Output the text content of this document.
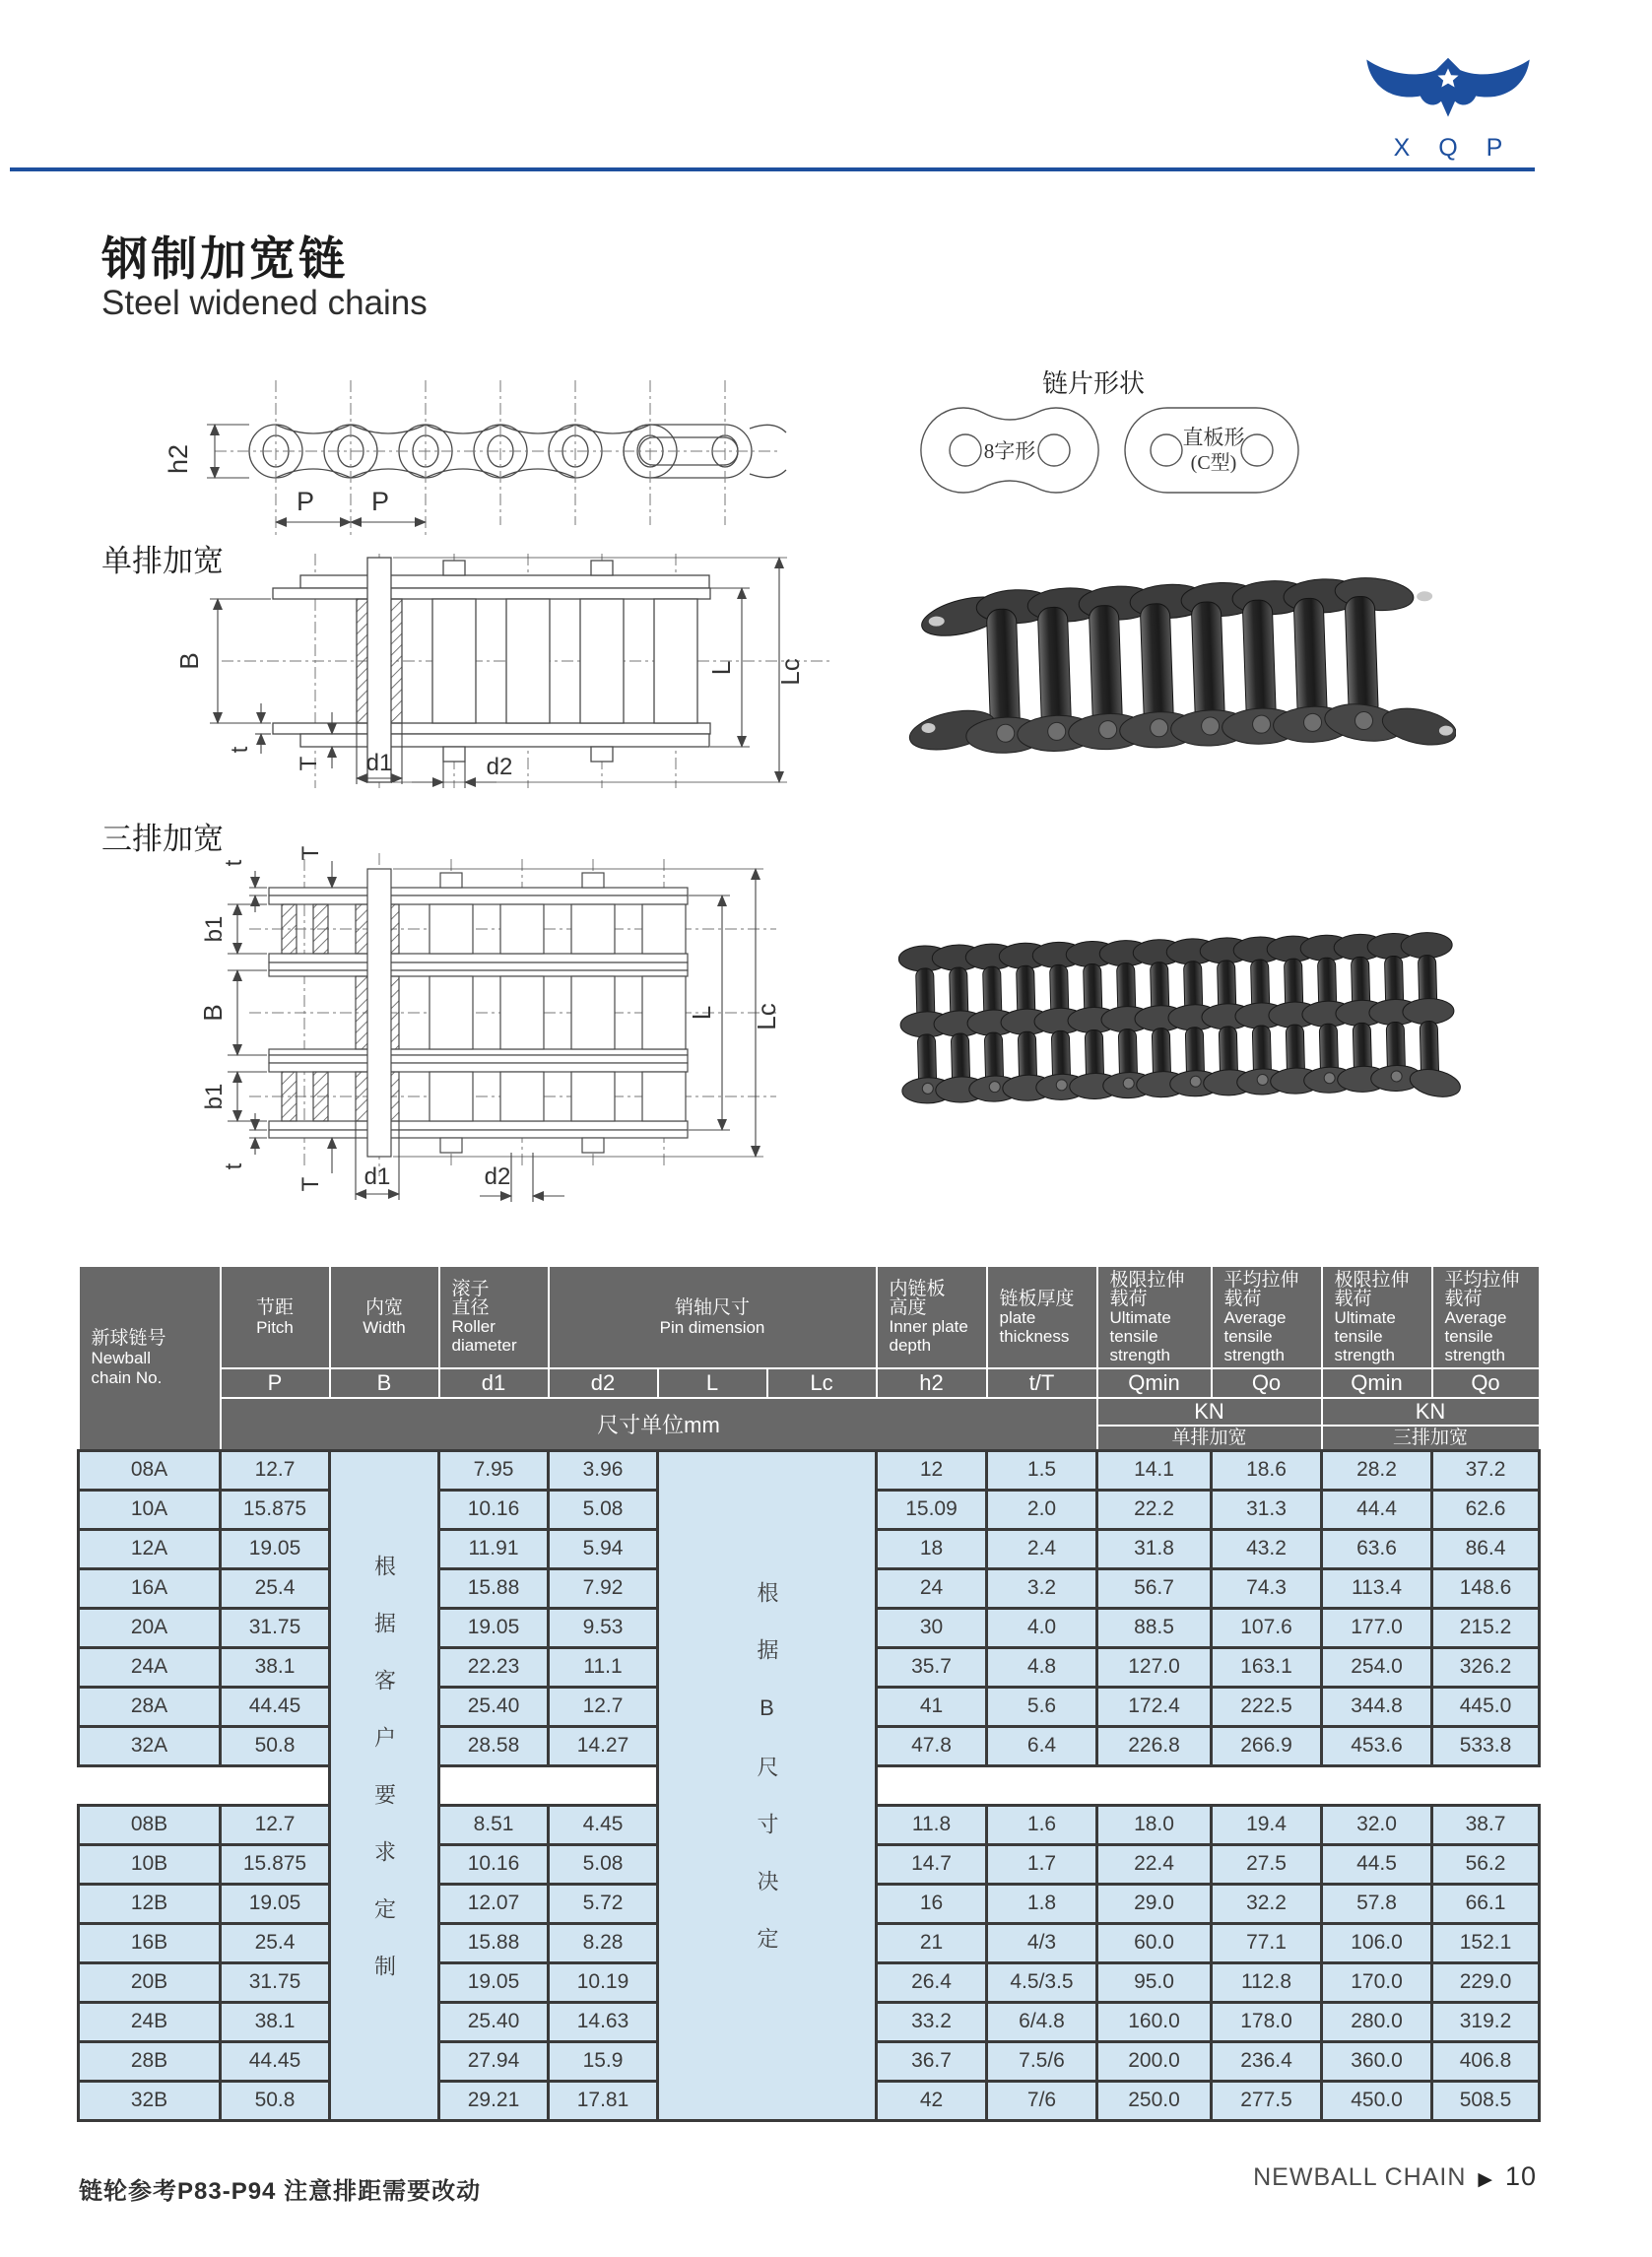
X Q P
钢制加宽链
Steel widened chains
h2
P P
链片形状
8字形
直板形
(C型)
单排加宽
B
t
T d1	d2
L Lc
三排加宽
t
T
b1
B
b1
t
T d1	d2
L Lc
新球链号
Newball
chain No.

节距
Pitch

内宽
Width

滚子
直径
Roller
diameter

销轴尺寸
Pin dimension

内链板
高度
Inner plate
depth

链板厚度
plate
thickness

极限拉伸
载荷
Ultimate
tensile
strength

平均拉伸
载荷
Average
tensile
strength

极限拉伸
载荷
Ultimate
tensile
strength

平均拉伸
载荷
Average
tensile
strength

	P	B	d1	d2	L	Lc	h2	t/T	Qmin	Qo	Qmin	Qo
	尺寸单位mm								KN		KN	
									单排加宽		三排加宽	
08A	12.7	根据客户要求定制	7.95	3.96	根据B尺寸决定		12	1.5	14.1	18.6	28.2	37.2
10A	15.875		10.16	5.08			15.09	2.0	22.2	31.3	44.4	62.6
12A	19.05		11.91	5.94			18	2.4	31.8	43.2	63.6	86.4
16A	25.4		15.88	7.92			24	3.2	56.7	74.3	113.4	148.6
20A	31.75		19.05	9.53			30	4.0	88.5	107.6	177.0	215.2
24A	38.1		22.23	11.1			35.7	4.8	127.0	163.1	254.0	326.2
28A	44.45		25.40	12.7			41	5.6	172.4	222.5	344.8	445.0
32A	50.8		28.58	14.27			47.8	6.4	226.8	266.9	453.6	533.8

08B	12.7		8.51	4.45			11.8	1.6	18.0	19.4	32.0	38.7
10B	15.875		10.16	5.08			14.7	1.7	22.4	27.5	44.5	56.2
12B	19.05		12.07	5.72			16	1.8	29.0	32.2	57.8	66.1
16B	25.4		15.88	8.28			21	4/3	60.0	77.1	106.0	152.1
20B	31.75		19.05	10.19			26.4	4.5/3.5	95.0	112.8	170.0	229.0
24B	38.1		25.40	14.63			33.2	6/4.8	160.0	178.0	280.0	319.2
28B	44.45		27.94	15.9			36.7	7.5/6	200.0	236.4	360.0	406.8
32B	50.8		29.21	17.81			42	7/6	250.0	277.5	450.0	508.5
链轮参考P83-P94 注意排距需要改动
NEWBALL CHAIN ▶ 10
